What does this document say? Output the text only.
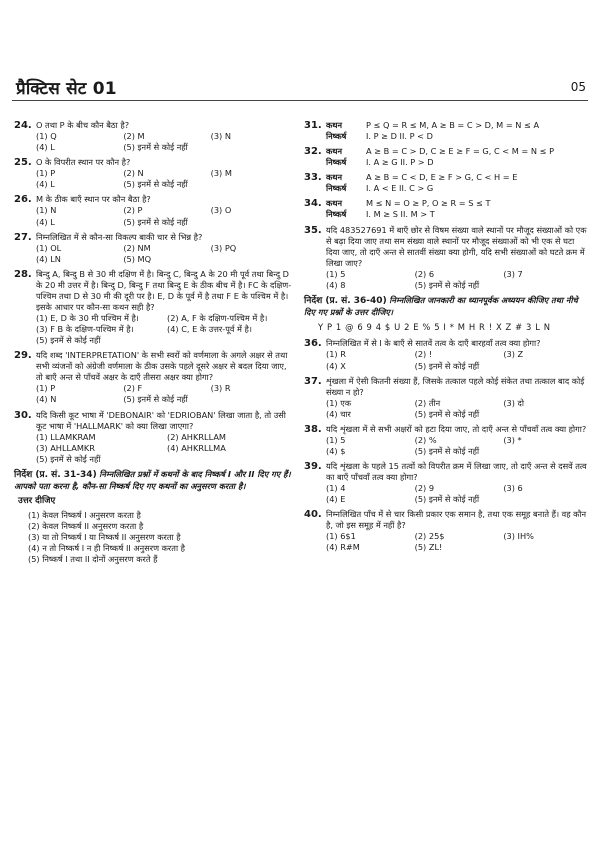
प्रैक्टिस सेट 01	05
24. O तथा P के बीच कौन बैठा है?
(1) Q	(2) M	(3) N
(4) L	(5) इनमें से कोई नहीं
25. O के विपरीत स्थान पर कौन है?
(1) P	(2) N	(3) M
(4) L	(5) इनमें से कोई नहीं
26. M के ठीक बाएँ स्थान पर कौन बैठा है?
(1) N	(2) P	(3) O
(4) L	(5) इनमें से कोई नहीं
27. निम्नलिखित में से कौन-सा विकल्प बाकी चार से भिन्न है?
(1) OL	(2) NM	(3) PQ
(4) LN	(5) MQ
28. बिन्दु A, बिन्दु B से 30 मी दक्षिण में है। बिन्दु C, बिन्दु A के 20 मी पूर्व तथा बिन्दु D के 20 मी उत्तर में है। बिन्दु D, बिन्दु F तथा बिन्दु E के ठीक बीच में है। FC के दक्षिण-पश्चिम तथा D से 30 मी की दूरी पर है। E, D के पूर्व में है तथा F E के पश्चिम में है। इसके आधार पर कौन-सा कथन सही है?
(1) E, D के 30 मी पश्चिम में है।	(2) A, F के दक्षिण-पश्चिम में है।
(3) F B के दक्षिण-पश्चिम में है।	(4) C, E के उत्तर-पूर्व में है।
(5) इनमें से कोई नहीं
29. यदि शब्द 'INTERPRETATION' के सभी स्वरों को वर्णमाला के अगले अक्षर से तथा सभी व्यंजनों को अंग्रेजी वर्णमाला के ठीक उसके पहले दूसरे अक्षर से बदल दिया जाए, तो बाएँ अन्त से पाँचवें अक्षर के दाएँ तीसरा अक्षर क्या होगा?
(1) P	(2) F	(3) R
(4) N	(5) इनमें से कोई नहीं
30. यदि किसी कूट भाषा में 'DEBONAIR' को 'EDRIOBAN' लिखा जाता है, तो उसी कूट भाषा में 'HALLMARK' को क्या लिखा जाएगा?
(1) LLAMKRAM	(2) AHKRLLAM
(3) AHLLAMKR	(4) AHKRLLMA
(5) इनमें से कोई नहीं
निर्देश (प्र. सं. 31-34) निम्नलिखित प्रश्नों में कथनों के बाद निष्कर्ष I और II दिए गए हैं। आपको पता करना है, कौन-सा निष्कर्ष दिए गए कथनों का अनुसरण करता है।
उत्तर दीजिए
(1) केवल निष्कर्ष I अनुसरण करता है
(2) केवल निष्कर्ष II अनुसरण करता है
(3) या तो निष्कर्ष I या निष्कर्ष II अनुसरण करता है
(4) न तो निष्कर्ष I न ही निष्कर्ष II अनुसरण करता है
(5) निष्कर्ष I तथा II दोनों अनुसरण करते हैं
31. कथन	P ≤ Q = R ≤ M, A ≥ B = C > D, M = N ≤ A
निष्कर्ष	I. P ≥ D II. P < D
32. कथन	A ≥ B = C > D, C ≥ E ≥ F = G, C < M = N ≤ P
निष्कर्ष	I. A ≥ G II. P > D
33. कथन	A ≥ B = C < D, E ≥ F > G, C < H = E
निष्कर्ष	I. A < E II. C > G
34. कथन	M ≤ N = O ≥ P, O ≥ R = S ≤ T
निष्कर्ष	I. M ≥ S II. M > T
35. यदि 483527691 में बाएँ छोर से विषम संख्या वाले स्थानों पर मौजूद संख्याओं को एक से बढ़ा दिया जाए तथा सम संख्या वाले स्थानों पर मौजूद संख्याओं को भी एक से घटा दिया जाए, तो दाएँ अन्त से सातवीं संख्या क्या होगी, यदि सभी संख्याओं को घटते क्रम में लिखा जाए?
(1) 5	(2) 6	(3) 7
(4) 8	(5) इनमें से कोई नहीं
निर्देश (प्र. सं. 36-40) निम्नलिखित जानकारी का ध्यानपूर्वक अध्ययन कीजिए तथा नीचे दिए गए प्रश्नों के उत्तर दीजिए।
Y P 1 @ 6 9 4 $ U 2 E % 5 I * M H R ! X Z # 3 L N
36. निम्नलिखित में से I के बाएँ से सातवें तत्व के दाएँ बारहवाँ तत्व क्या होगा?
(1) R	(2) !	(3) Z
(4) X	(5) इनमें से कोई नहीं
37. शृंखला में ऐसी कितनी संख्या हैं, जिसके तत्काल पहले कोई संकेत तथा तत्काल बाद कोई संख्या न हो?
(1) एक	(2) तीन	(3) दो
(4) चार	(5) इनमें से कोई नहीं
38. यदि शृंखला में से सभी अक्षरों को हटा दिया जाए, तो दाएँ अन्त से पाँचवाँ तत्व क्या होगा?
(1) 5	(2) %	(3) *
(4) $	(5) इनमें से कोई नहीं
39. यदि शृंखला के पहले 15 तत्वों को विपरीत क्रम में लिखा जाए, तो दाएँ अन्त से दसवें तत्व का बाएँ पाँचवाँ तत्व क्या होगा?
(1) 4	(2) 9	(3) 6
(4) E	(5) इनमें से कोई नहीं
40. निम्नलिखित पाँच में से चार किसी प्रकार एक समान है, तथा एक समूह बनाते हैं। वह कौन है, जो इस समूह में नहीं है?
(1) 6$1	(2) 25$	(3) IH%
(4) R#M	(5) ZL!
